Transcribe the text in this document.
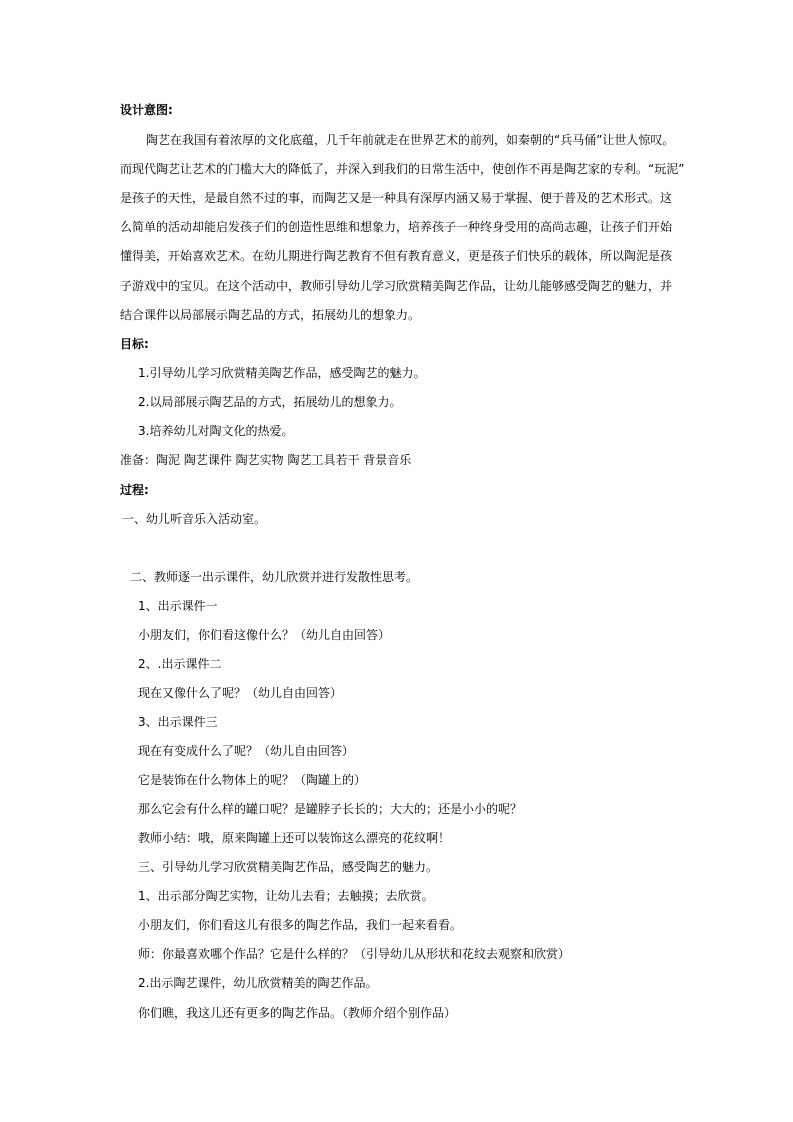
设计意图:
陶艺在我国有着浓厚的文化底蕴，几千年前就走在世界艺术的前列，如秦朝的“兵马俑”让世人惊叹。
而现代陶艺让艺术的门槛大大的降低了，并深入到我们的日常生活中，使创作不再是陶艺家的专利。“玩泥”
是孩子的天性，是最自然不过的事，而陶艺又是一种具有深厚内涵又易于掌握、便于普及的艺术形式。这
么简单的活动却能启发孩子们的创造性思维和想象力，培养孩子一种终身受用的高尚志趣，让孩子们开始
懂得美，开始喜欢艺术。在幼儿期进行陶艺教育不但有教育意义，更是孩子们快乐的载体，所以陶泥是孩
子游戏中的宝贝。在这个活动中，教师引导幼儿学习欣赏精美陶艺作品，让幼儿能够感受陶艺的魅力，并
结合课件以局部展示陶艺品的方式，拓展幼儿的想象力。
目标:
1.引导幼儿学习欣赏精美陶艺作品，感受陶艺的魅力。
2.以局部展示陶艺品的方式，拓展幼儿的想象力。
3.培养幼儿对陶文化的热爱。
准备：陶泥 陶艺课件 陶艺实物 陶艺工具若干 背景音乐
过程:
一、幼儿听音乐入活动室。
二、教师逐一出示课件，幼儿欣赏并进行发散性思考。
1、出示课件一
小朋友们，你们看这像什么？（幼儿自由回答）
2、.出示课件二
现在又像什么了呢？（幼儿自由回答）
3、出示课件三
现在有变成什么了呢？（幼儿自由回答）
它是装饰在什么物体上的呢？（陶罐上的）
那么它会有什么样的罐口呢？是罐脖子长长的；大大的；还是小小的呢？
教师小结：哦，原来陶罐上还可以装饰这么漂亮的花纹啊！
三、引导幼儿学习欣赏精美陶艺作品，感受陶艺的魅力。
1、出示部分陶艺实物，让幼儿去看；去触摸；去欣赏。
小朋友们，你们看这儿有很多的陶艺作品，我们一起来看看。
师：你最喜欢哪个作品？它是什么样的？（引导幼儿从形状和花纹去观察和欣赏）
2.出示陶艺课件，幼儿欣赏精美的陶艺作品。
你们瞧，我这儿还有更多的陶艺作品。（教师介绍个别作品）
